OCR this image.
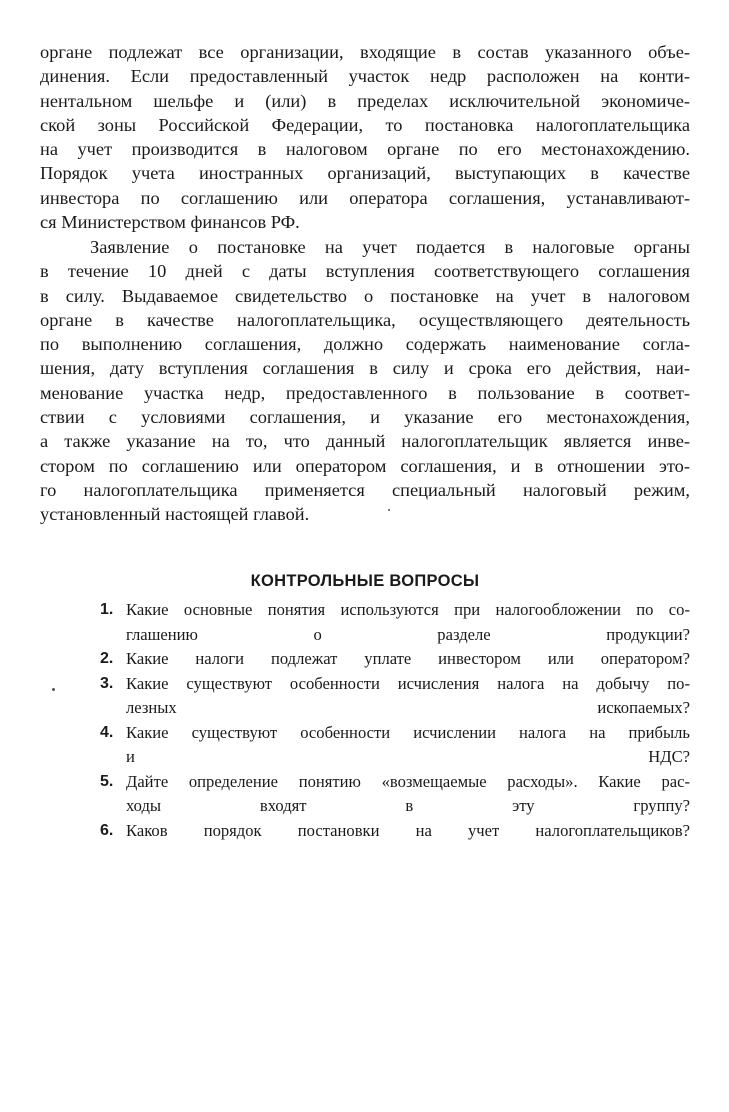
органе подлежат все организации, входящие в состав указанного объе-
динения. Если предоставленный участок недр расположен на конти-
нентальном шельфе и (или) в пределах исключительной экономиче-
ской зоны Российской Федерации, то постановка налогоплательщика
на учет производится в налоговом органе по его местонахождению.
Порядок учета иностранных организаций, выступающих в качестве
инвестора по соглашению или оператора соглашения, устанавливают-
ся Министерством финансов РФ.

Заявление о постановке на учет подается в налоговые органы
в течение 10 дней с даты вступления соответствующего соглашения
в силу. Выдаваемое свидетельство о постановке на учет в налоговом
органе в качестве налогоплательщика, осуществляющего деятельность
по выполнению соглашения, должно содержать наименование согла-
шения, дату вступления соглашения в силу и срока его действия, наи-
менование участка недр, предоставленного в пользование в соответ-
ствии с условиями соглашения, и указание его местонахождения,
а также указание на то, что данный налогоплательщик является инве-
стором по соглашению или оператором соглашения, и в отношении это-
го налогоплательщика применяется специальный налоговый режим,
установленный настоящей главой.

КОНТРОЛЬНЫЕ ВОПРОСЫ
1. Какие основные понятия используются при налогообложении по со-
глашению о разделе продукции?
2. Какие налоги подлежат уплате инвестором или оператором?
3. Какие существуют особенности исчисления налога на добычу по-
лезных ископаемых?
4. Какие существуют особенности исчислении налога на прибыль
и НДС?
5. Дайте определение понятию «возмещаемые расходы». Какие рас-
ходы входят в эту группу?
6. Каков порядок постановки на учет налогоплательщиков?
